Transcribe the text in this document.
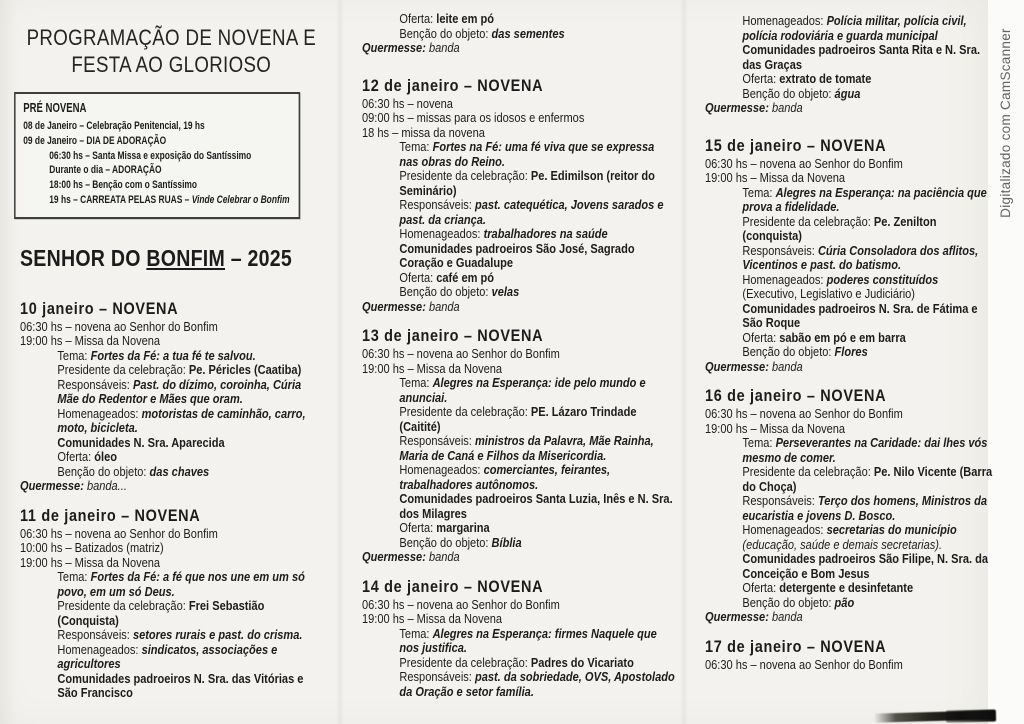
PROGRAMAÇÃO DE NOVENA E
FESTA AO GLORIOSO
PRÉ NOVENA
08 de Janeiro – Celebração Penitencial, 19 hs
09 de Janeiro – DIA DE ADORAÇÃO
06:30 hs – Santa Missa e exposição do Santíssimo
Durante o dia – ADORAÇÃO
18:00 hs – Benção com o Santíssimo
19 hs – CARREATA PELAS RUAS – Vinde Celebrar o Bonfim
SENHOR DO BONFIM – 2025
10 janeiro – NOVENA
06:30 hs – novena ao Senhor do Bonfim
19:00 hs – Missa da Novena
Tema: Fortes da Fé: a tua fé te salvou.
Presidente da celebração: Pe. Péricles (Caatiba)
Responsáveis: Past. do dízimo, coroinha, Cúria Mãe do Redentor e Mães que oram.
Homenageados: motoristas de caminhão, carro, moto, bicicleta.
Comunidades N. Sra. Aparecida
Oferta: óleo
Benção do objeto: das chaves
Quermesse: banda...
11 de janeiro – NOVENA
06:30 hs – novena ao Senhor do Bonfim
10:00 hs – Batizados (matriz)
19:00 hs – Missa da Novena
Tema: Fortes da Fé: a fé que nos une em um só povo, em um só Deus.
Presidente da celebração: Frei Sebastião (Conquista)
Responsáveis: setores rurais e past. do crisma.
Homenageados: sindicatos, associações e agricultores
Comunidades padroeiros N. Sra. das Vitórias e São Francisco
Oferta: leite em pó
Benção do objeto: das sementes
Quermesse: banda
12 de janeiro – NOVENA
06:30 hs – novena
09:00 hs – missas para os idosos e enfermos
18 hs – missa da novena
Tema: Fortes na Fé: uma fé viva que se expressa nas obras do Reino.
Presidente da celebração: Pe. Edimilson (reitor do Seminário)
Responsáveis: past. catequética, Jovens sarados e past. da criança.
Homenageados: trabalhadores na saúde
Comunidades padroeiros São José, Sagrado Coração e Guadalupe
Oferta: café em pó
Benção do objeto: velas
Quermesse: banda
13 de janeiro – NOVENA
06:30 hs – novena ao Senhor do Bonfim
19:00 hs – Missa da Novena
Tema: Alegres na Esperança: ide pelo mundo e anunciai.
Presidente da celebração: PE. Lázaro Trindade (Caitité)
Responsáveis: ministros da Palavra, Mãe Rainha, Maria de Caná e Filhos da Misericordia.
Homenageados: comerciantes, feirantes, trabalhadores autônomos.
Comunidades padroeiros Santa Luzia, Inês e N. Sra. dos Milagres
Oferta: margarina
Benção do objeto: Bíblia
Quermesse: banda
14 de janeiro – NOVENA
06:30 hs – novena ao Senhor do Bonfim
19:00 hs – Missa da Novena
Tema: Alegres na Esperança: firmes Naquele que nos justifica.
Presidente da celebração: Padres do Vicariato
Responsáveis: past. da sobriedade, OVS, Apostolado da Oração e setor família.
Homenageados: Polícia militar, polícia civil, polícia rodoviária e guarda municipal
Comunidades padroeiros Santa Rita e N. Sra. das Graças
Oferta: extrato de tomate
Benção do objeto: água
Quermesse: banda
15 de janeiro – NOVENA
06:30 hs – novena ao Senhor do Bonfim
19:00 hs – Missa da Novena
Tema: Alegres na Esperança: na paciência que prova a fidelidade.
Presidente da celebração: Pe. Zenilton (conquista)
Responsáveis: Cúria Consoladora dos aflitos, Vicentinos e past. do batismo.
Homenageados: poderes constituídos (Executivo, Legislativo e Judiciário)
Comunidades padroeiros N. Sra. de Fátima e São Roque
Oferta: sabão em pó e em barra
Benção do objeto: Flores
Quermesse: banda
16 de janeiro – NOVENA
06:30 hs – novena ao Senhor do Bonfim
19:00 hs – Missa da Novena
Tema: Perseverantes na Caridade: dai lhes vós mesmo de comer.
Presidente da celebração: Pe. Nilo Vicente (Barra do Choça)
Responsáveis: Terço dos homens, Ministros da eucaristia e jovens D. Bosco.
Homenageados: secretarias do município (educação, saúde e demais secretarias).
Comunidades padroeiros São Filipe, N. Sra. da Conceição e Bom Jesus
Oferta: detergente e desinfetante
Benção do objeto: pão
Quermesse: banda
17 de janeiro – NOVENA
06:30 hs – novena ao Senhor do Bonfim
Digitalizado com CamScanner
